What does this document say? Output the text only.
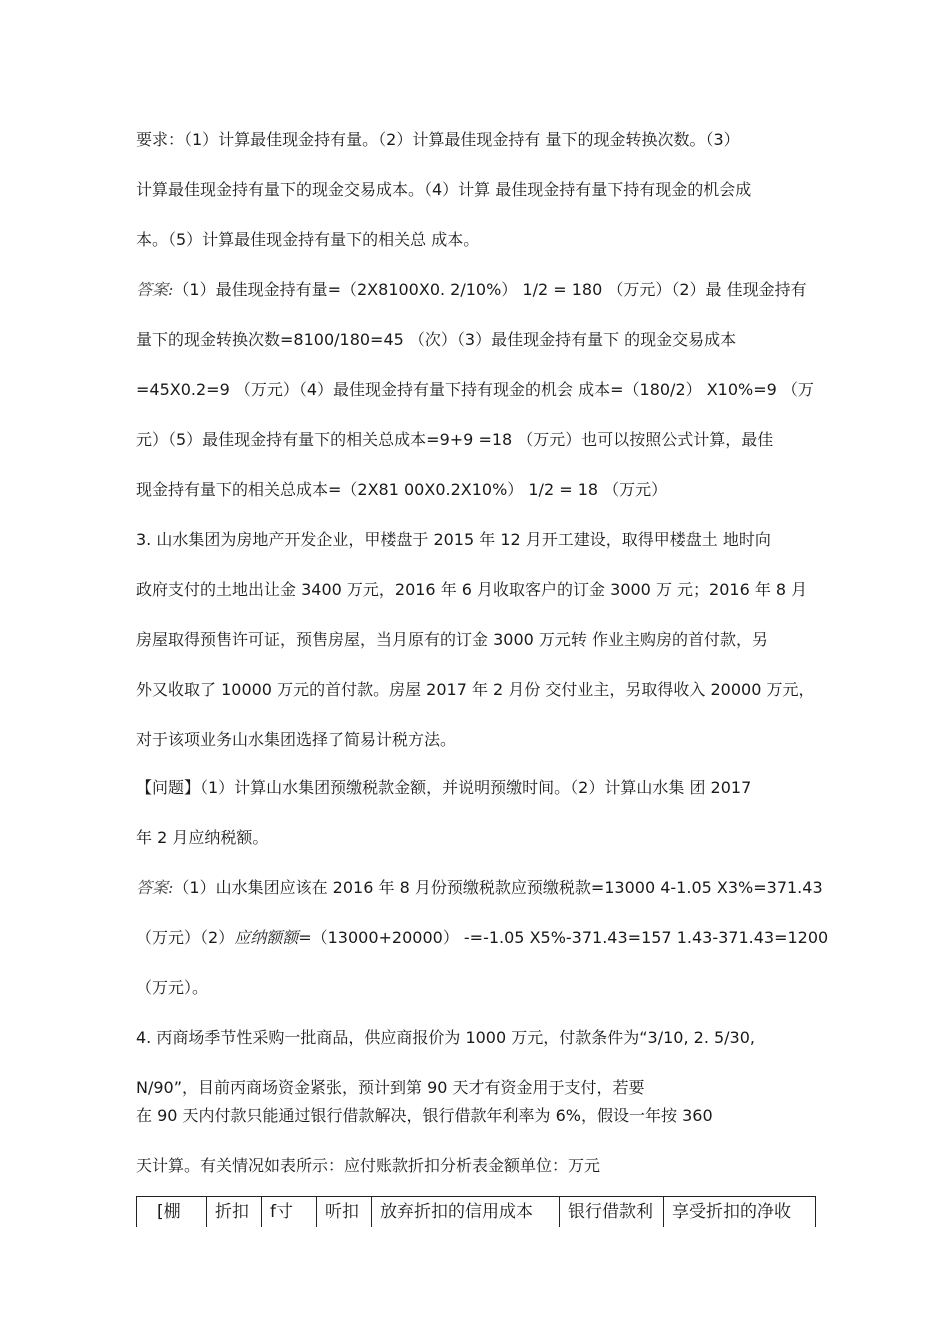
要求：（1）计算最佳现金持有量。（2）计算最佳现金持有 量下的现金转换次数。（3）
计算最佳现金持有量下的现金交易成本。（4）计算 最佳现金持有量下持有现金的机会成
本。（5）计算最佳现金持有量下的相关总 成本。
答案:（1）最佳现金持有量=（2X8100X0. 2/10%） 1/2 = 180 （万元）（2）最 佳现金持有
量下的现金转换次数=8100/180=45 （次）（3）最佳现金持有量下 的现金交易成本
=45X0.2=9 （万元）（4）最佳现金持有量下持有现金的机会 成本=（180/2） X10%=9 （万
元）（5）最佳现金持有量下的相关总成本=9+9 =18 （万元）也可以按照公式计算，最佳
现金持有量下的相关总成本=（2X81 00X0.2X10%） 1/2 = 18 （万元）
3. 山水集团为房地产开发企业，甲楼盘于 2015 年 12 月开工建设，取得甲楼盘土 地时向
政府支付的土地出让金 3400 万元，2016 年 6 月收取客户的订金 3000 万 元；2016 年 8 月
房屋取得预售许可证，预售房屋，当月原有的订金 3000 万元转 作业主购房的首付款，另
外又收取了 10000 万元的首付款。房屋 2017 年 2 月份 交付业主，另取得收入 20000 万元，
对于该项业务山水集团选择了简易计税方法。
【问题】（1）计算山水集团预缴税款金额，并说明预缴时间。（2）计算山水集 团 2017
年 2 月应纳税额。
答案:（1）山水集团应该在 2016 年 8 月份预缴税款应预缴税款=13000 4-1.05 X3%=371.43
（万元）（2）应纳额额=（13000+20000） -=-1.05 X5%-371.43=157 1.43-371.43=1200
（万元）。
4. 丙商场季节性采购一批商品，供应商报价为 1000 万元，付款条件为“3/10, 2. 5/30,
N/90”，目前丙商场资金紧张，预计到第 90 天才有资金用于支付，若要
在 90 天内付款只能通过银行借款解决，银行借款年利率为 6%，假设一年按 360
天计算。有关情况如表所示：应付账款折扣分析表金额单位：万元
[棚	折扣	f寸	听扣	放弃折扣的信用成本	银行借款利	享受折扣的净收
